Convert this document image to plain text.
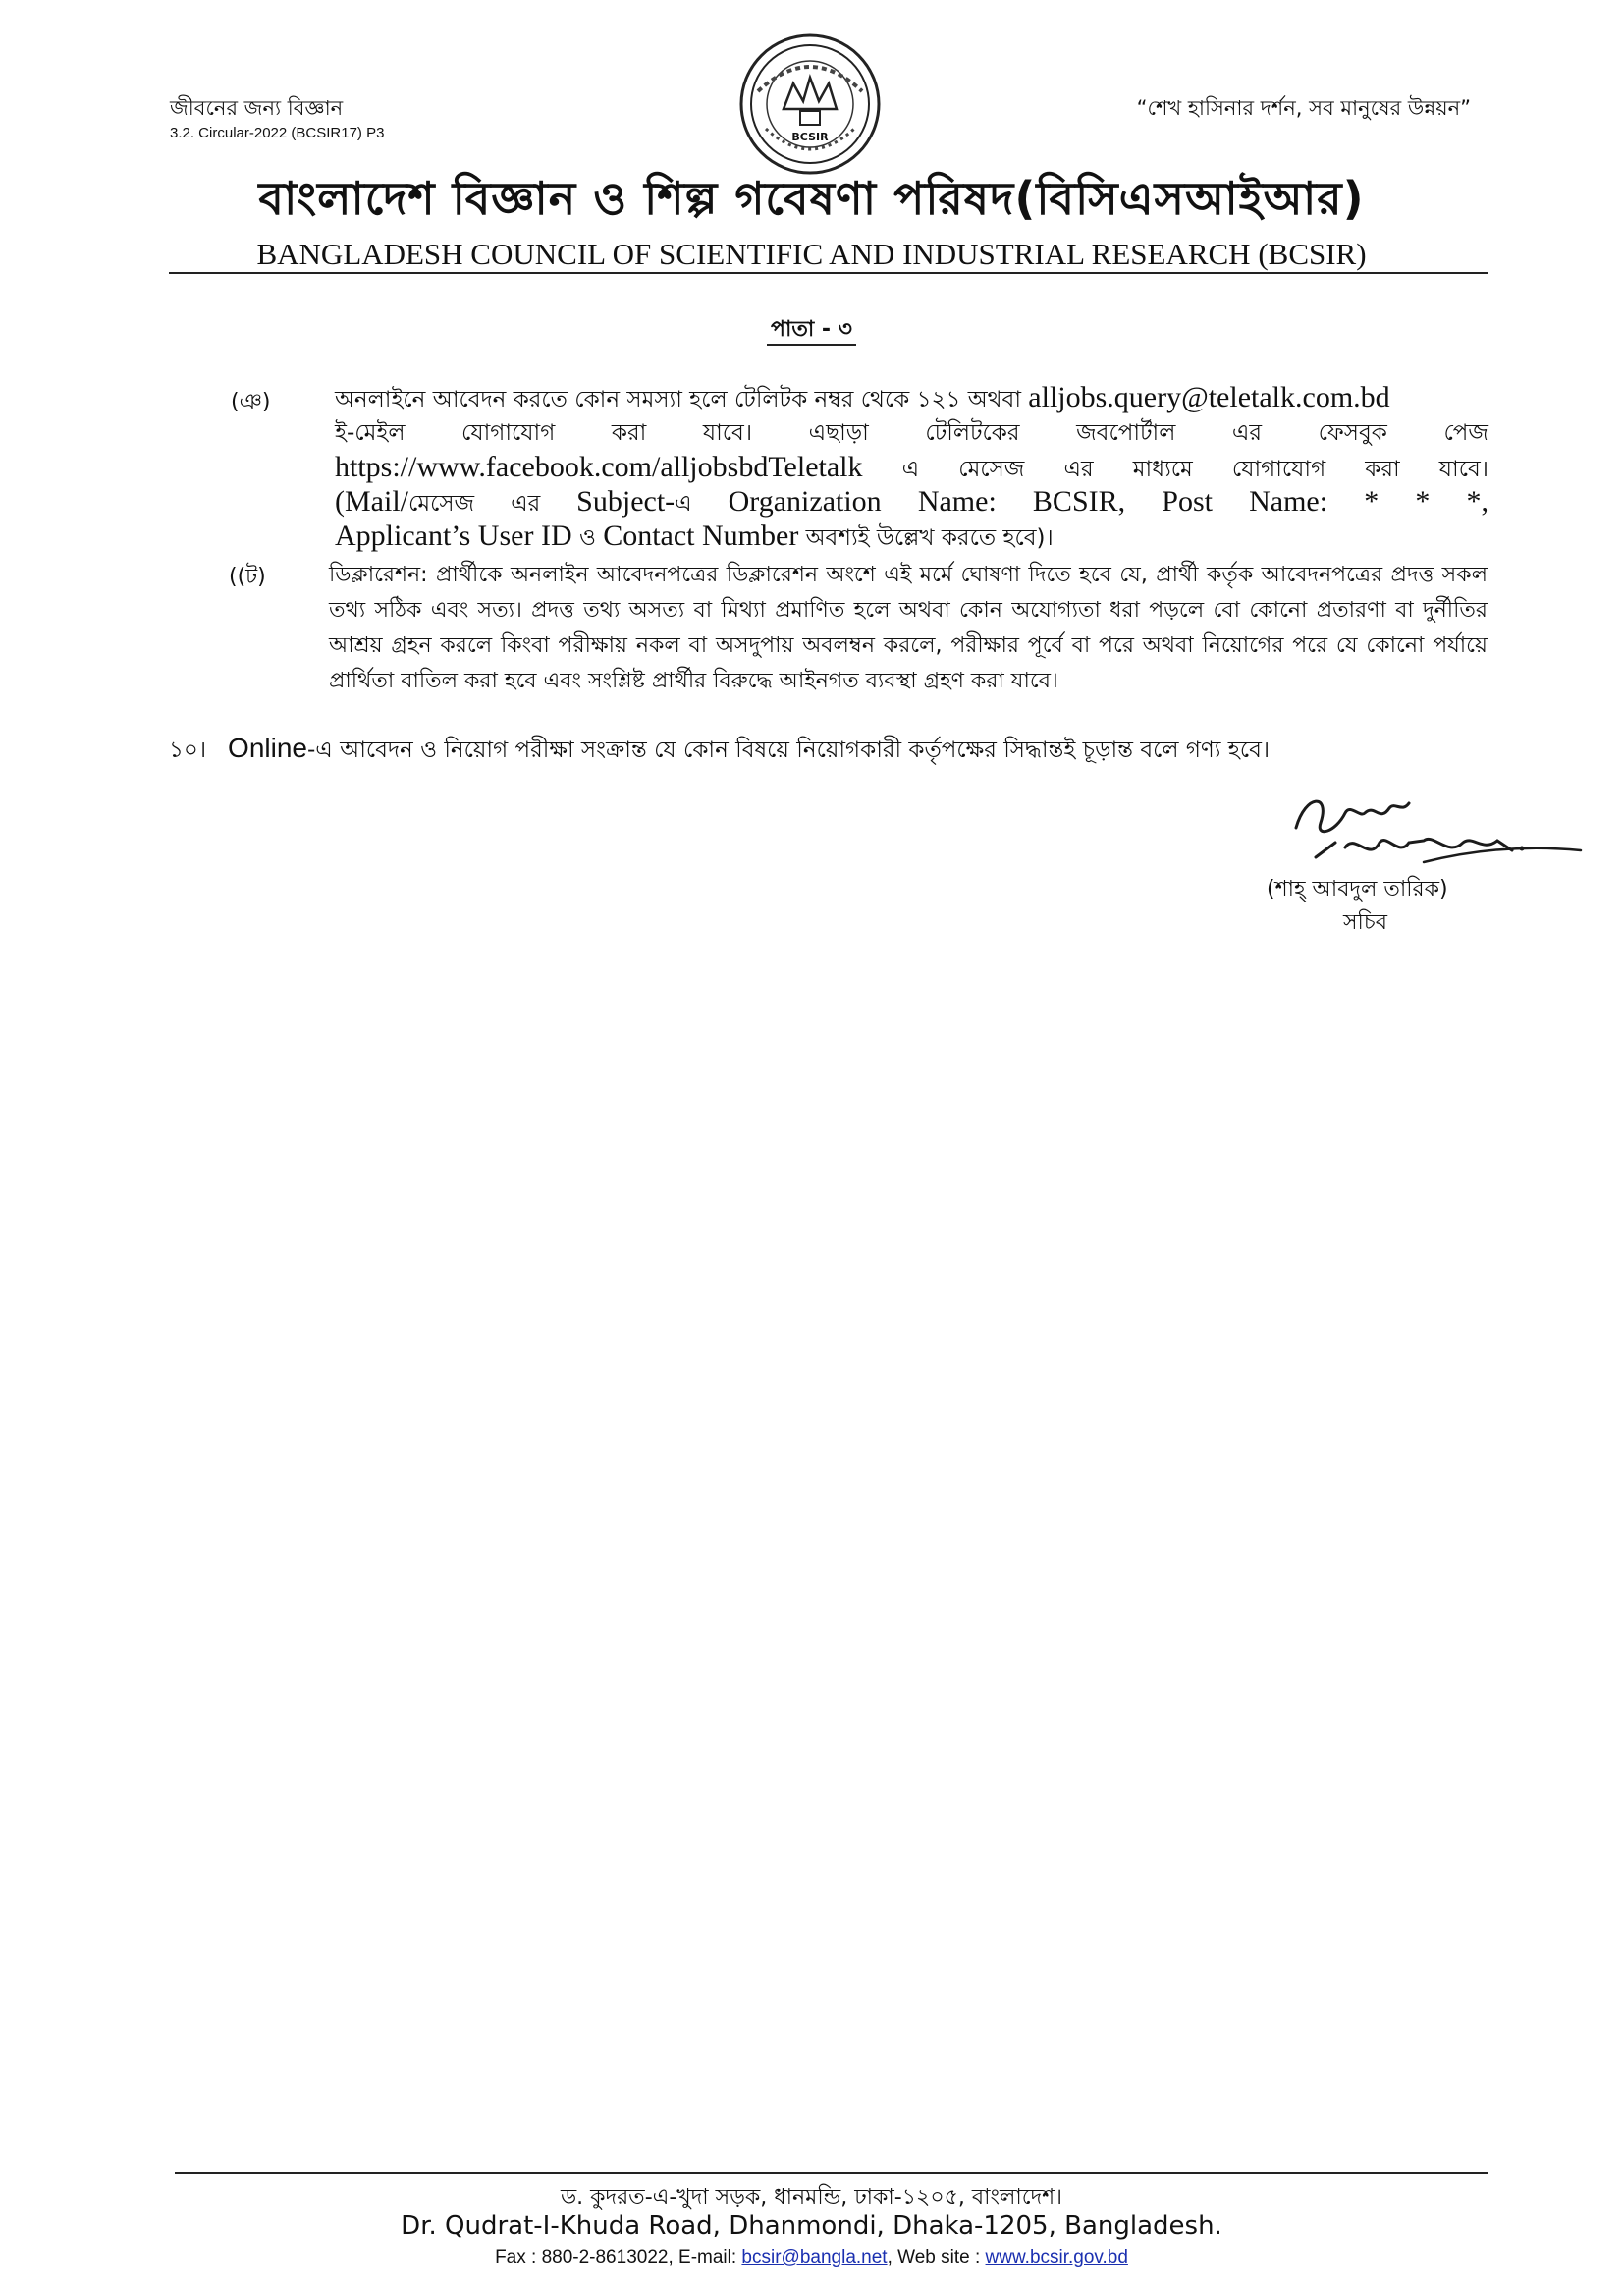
জীবনের জন্য বিজ্ঞান
3.2. Circular-2022 (BCSIR17) P3
“শেখ হাসিনার দর্শন, সব মানুষের উন্নয়ন”
BCSIR
বাংলাদেশ বিজ্ঞান ও শিল্প গবেষণা পরিষদ(বিসিএসআইআর)
BANGLADESH COUNCIL OF SCIENTIFIC AND INDUSTRIAL RESEARCH (BCSIR)
পাতা - ৩
(ঞ)	অনলাইনে আবেদন করতে কোন সমস্যা হলে টেলিটক নম্বর থেকে ১২১ অথবা alljobs.query@teletalk.com.bd
ই-মেইল যোগাযোগ করা যাবে। এছাড়া টেলিটকের জবপোর্টাল এর ফেসবুক পেজ
https://www.facebook.com/alljobsbdTeletalk এ মেসেজ এর মাধ্যমে যোগাযোগ করা যাবে।
(Mail/মেসেজ এর Subject-এ Organization Name: BCSIR, Post Name: * * *,
Applicant’s User ID ও Contact Number অবশ্যই উল্লেখ করতে হবে)।
((ট)	ডিক্লারেশন: প্রার্থীকে অনলাইন আবেদনপত্রের ডিক্লারেশন অংশে এই মর্মে ঘোষণা দিতে হবে যে, প্রার্থী কর্তৃক আবেদনপত্রের প্রদত্ত সকল তথ্য সঠিক এবং সত্য। প্রদত্ত তথ্য অসত্য বা মিথ্যা প্রমাণিত হলে অথবা কোন অযোগ্যতা ধরা পড়লে বো কোনো প্রতারণা বা দুর্নীতির আশ্রয় গ্রহন করলে কিংবা পরীক্ষায় নকল বা অসদুপায় অবলম্বন করলে, পরীক্ষার পূর্বে বা পরে অথবা নিয়োগের পরে যে কোনো পর্যায়ে প্রার্থিতা বাতিল করা হবে এবং সংশ্লিষ্ট প্রার্থীর বিরুদ্ধে আইনগত ব্যবস্থা গ্রহণ করা যাবে।
১০। Online-এ আবেদন ও নিয়োগ পরীক্ষা সংক্রান্ত যে কোন বিষয়ে নিয়োগকারী কর্তৃপক্ষের সিদ্ধান্তই চূড়ান্ত বলে গণ্য হবে।
(শাহ্ আবদুল তারিক)
সচিব
ড. কুদরত-এ-খুদা সড়ক, ধানমন্ডি, ঢাকা-১২০৫, বাংলাদেশ।
Dr. Qudrat-I-Khuda Road, Dhanmondi, Dhaka-1205, Bangladesh.
Fax : 880-2-8613022, E-mail: bcsir@bangla.net, Web site : www.bcsir.gov.bd
